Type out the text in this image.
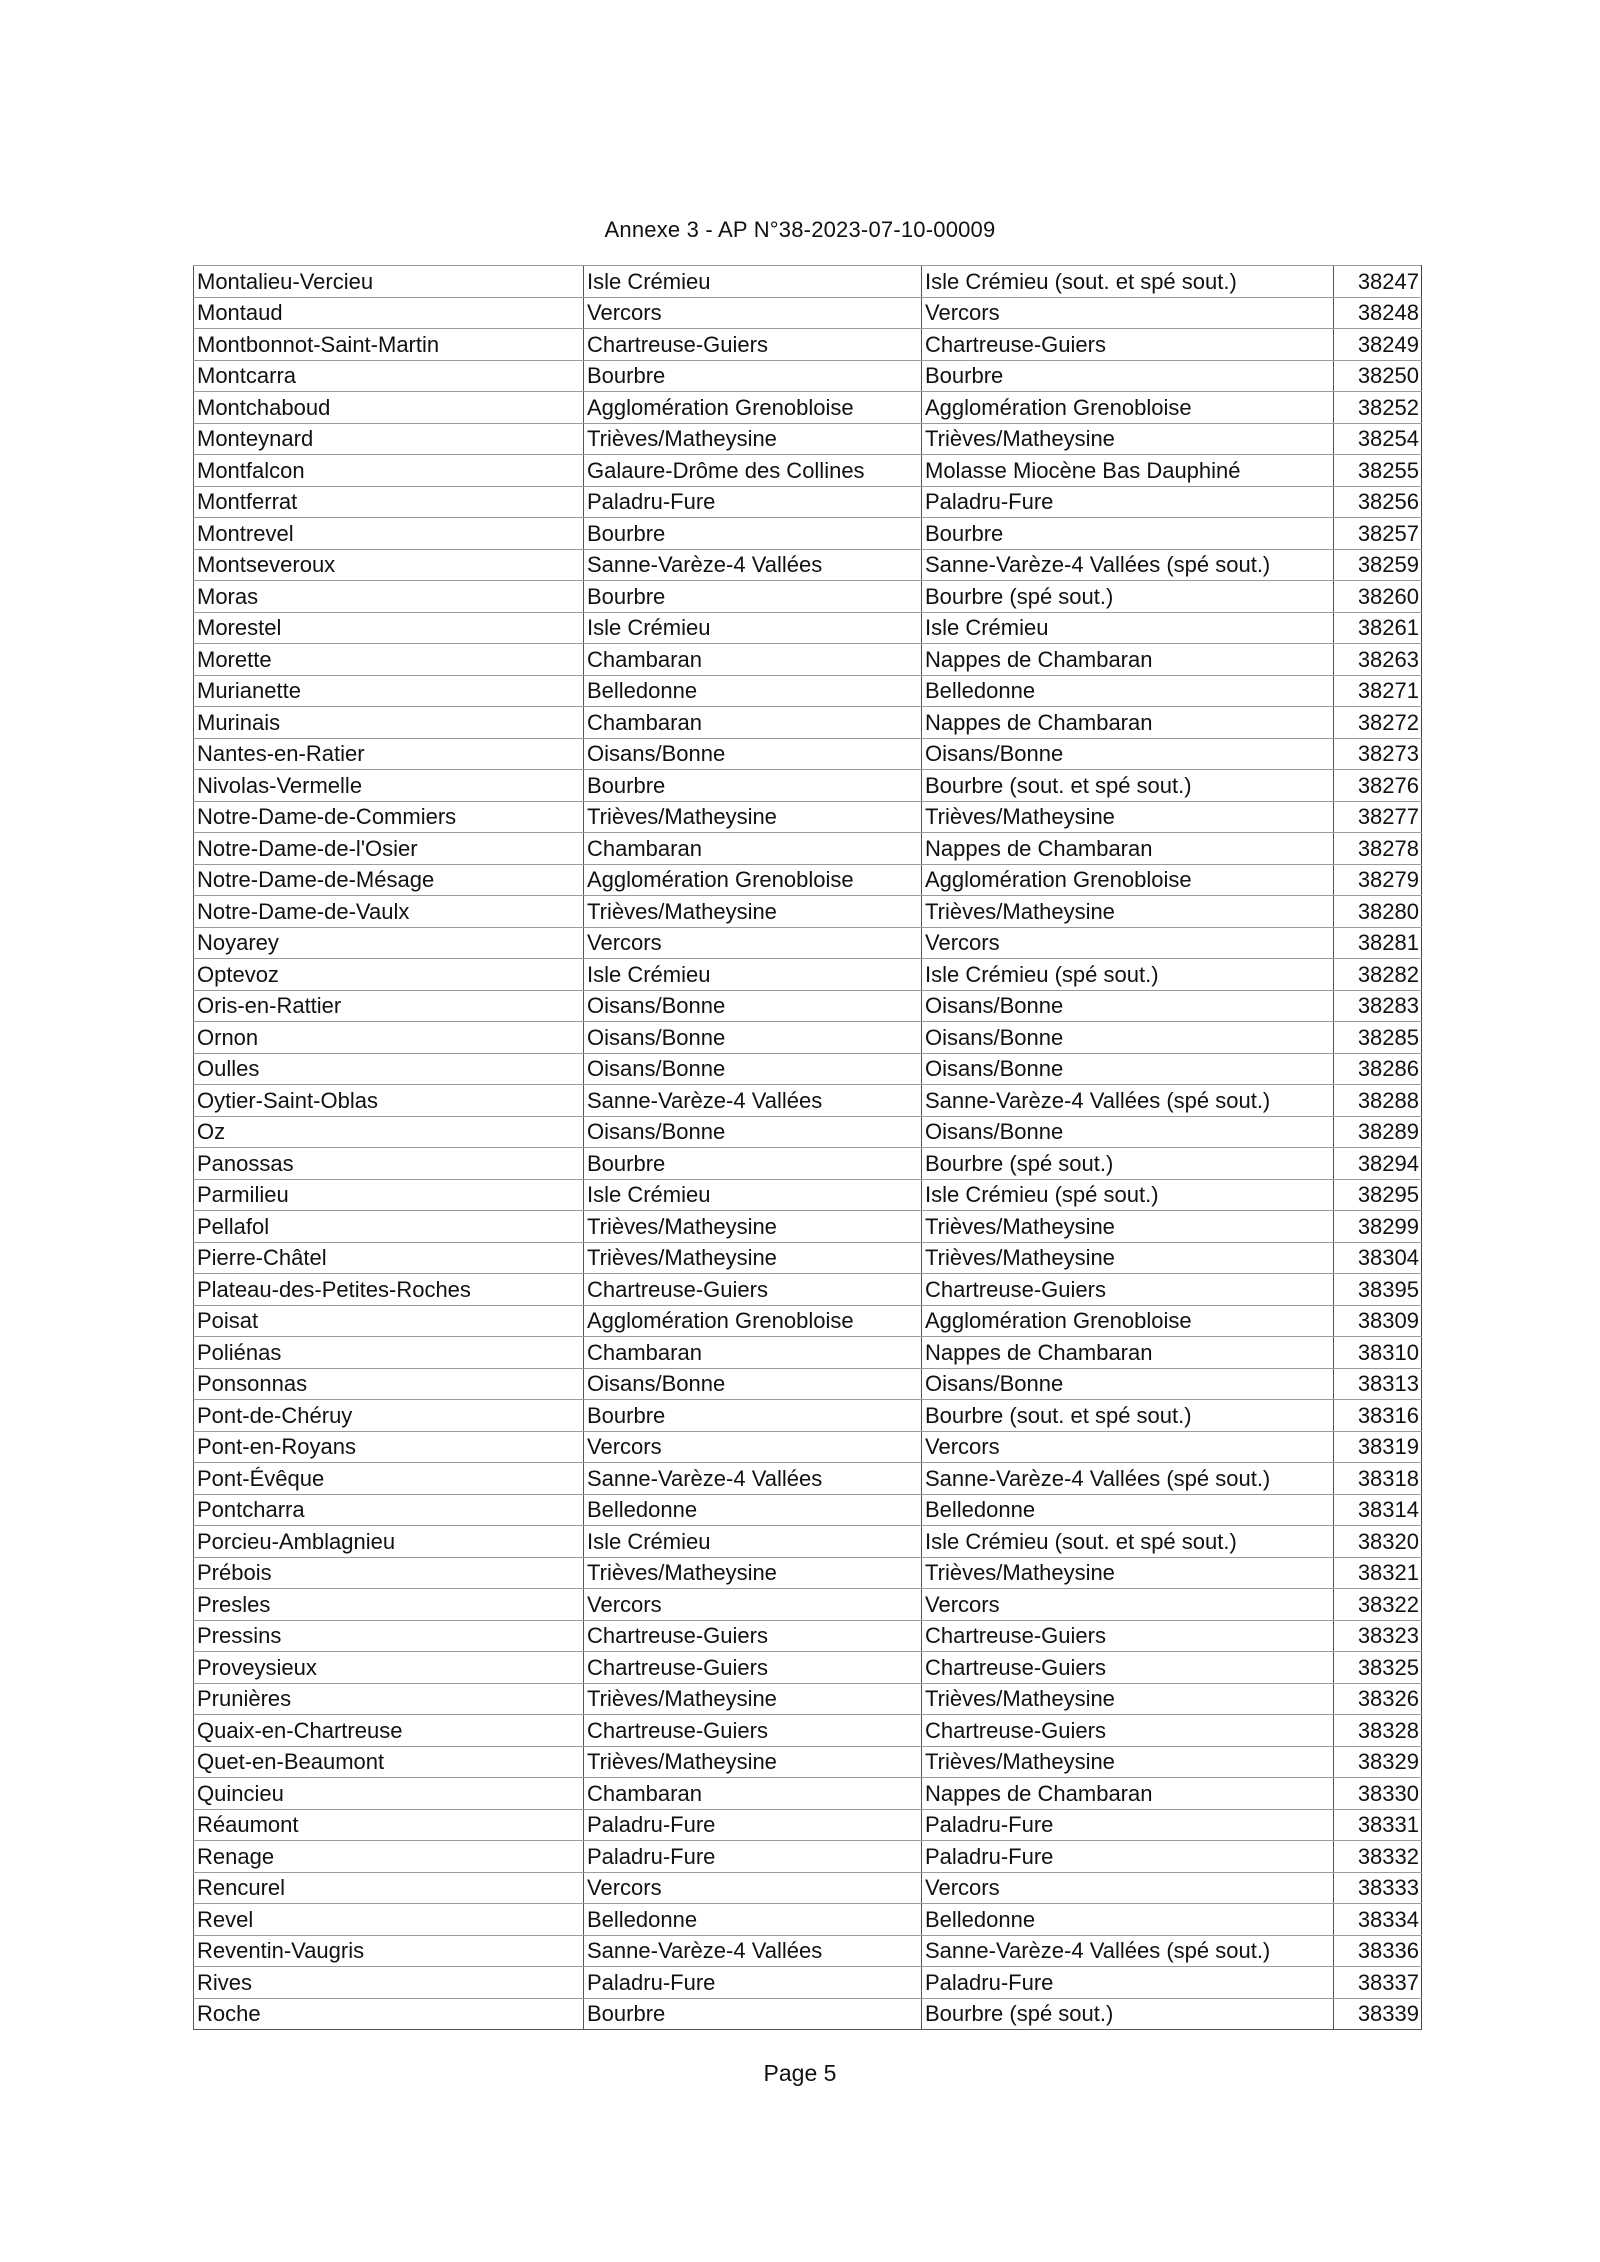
Annexe 3 - AP N°38-2023-07-10-00009
Montalieu-Vercieu	Isle Crémieu	Isle Crémieu (sout. et spé sout.)	38247
Montaud	Vercors	Vercors	38248
Montbonnot-Saint-Martin	Chartreuse-Guiers	Chartreuse-Guiers	38249
Montcarra	Bourbre	Bourbre	38250
Montchaboud	Agglomération Grenobloise	Agglomération Grenobloise	38252
Monteynard	Trièves/Matheysine	Trièves/Matheysine	38254
Montfalcon	Galaure-Drôme des Collines	Molasse Miocène Bas Dauphiné	38255
Montferrat	Paladru-Fure	Paladru-Fure	38256
Montrevel	Bourbre	Bourbre	38257
Montseveroux	Sanne-Varèze-4 Vallées	Sanne-Varèze-4 Vallées (spé sout.)	38259
Moras	Bourbre	Bourbre (spé sout.)	38260
Morestel	Isle Crémieu	Isle Crémieu	38261
Morette	Chambaran	Nappes de Chambaran	38263
Murianette	Belledonne	Belledonne	38271
Murinais	Chambaran	Nappes de Chambaran	38272
Nantes-en-Ratier	Oisans/Bonne	Oisans/Bonne	38273
Nivolas-Vermelle	Bourbre	Bourbre (sout. et spé sout.)	38276
Notre-Dame-de-Commiers	Trièves/Matheysine	Trièves/Matheysine	38277
Notre-Dame-de-l'Osier	Chambaran	Nappes de Chambaran	38278
Notre-Dame-de-Mésage	Agglomération Grenobloise	Agglomération Grenobloise	38279
Notre-Dame-de-Vaulx	Trièves/Matheysine	Trièves/Matheysine	38280
Noyarey	Vercors	Vercors	38281
Optevoz	Isle Crémieu	Isle Crémieu (spé sout.)	38282
Oris-en-Rattier	Oisans/Bonne	Oisans/Bonne	38283
Ornon	Oisans/Bonne	Oisans/Bonne	38285
Oulles	Oisans/Bonne	Oisans/Bonne	38286
Oytier-Saint-Oblas	Sanne-Varèze-4 Vallées	Sanne-Varèze-4 Vallées (spé sout.)	38288
Oz	Oisans/Bonne	Oisans/Bonne	38289
Panossas	Bourbre	Bourbre (spé sout.)	38294
Parmilieu	Isle Crémieu	Isle Crémieu (spé sout.)	38295
Pellafol	Trièves/Matheysine	Trièves/Matheysine	38299
Pierre-Châtel	Trièves/Matheysine	Trièves/Matheysine	38304
Plateau-des-Petites-Roches	Chartreuse-Guiers	Chartreuse-Guiers	38395
Poisat	Agglomération Grenobloise	Agglomération Grenobloise	38309
Poliénas	Chambaran	Nappes de Chambaran	38310
Ponsonnas	Oisans/Bonne	Oisans/Bonne	38313
Pont-de-Chéruy	Bourbre	Bourbre (sout. et spé sout.)	38316
Pont-en-Royans	Vercors	Vercors	38319
Pont-Évêque	Sanne-Varèze-4 Vallées	Sanne-Varèze-4 Vallées (spé sout.)	38318
Pontcharra	Belledonne	Belledonne	38314
Porcieu-Amblagnieu	Isle Crémieu	Isle Crémieu (sout. et spé sout.)	38320
Prébois	Trièves/Matheysine	Trièves/Matheysine	38321
Presles	Vercors	Vercors	38322
Pressins	Chartreuse-Guiers	Chartreuse-Guiers	38323
Proveysieux	Chartreuse-Guiers	Chartreuse-Guiers	38325
Prunières	Trièves/Matheysine	Trièves/Matheysine	38326
Quaix-en-Chartreuse	Chartreuse-Guiers	Chartreuse-Guiers	38328
Quet-en-Beaumont	Trièves/Matheysine	Trièves/Matheysine	38329
Quincieu	Chambaran	Nappes de Chambaran	38330
Réaumont	Paladru-Fure	Paladru-Fure	38331
Renage	Paladru-Fure	Paladru-Fure	38332
Rencurel	Vercors	Vercors	38333
Revel	Belledonne	Belledonne	38334
Reventin-Vaugris	Sanne-Varèze-4 Vallées	Sanne-Varèze-4 Vallées (spé sout.)	38336
Rives	Paladru-Fure	Paladru-Fure	38337
Roche	Bourbre	Bourbre (spé sout.)	38339
Page 5
